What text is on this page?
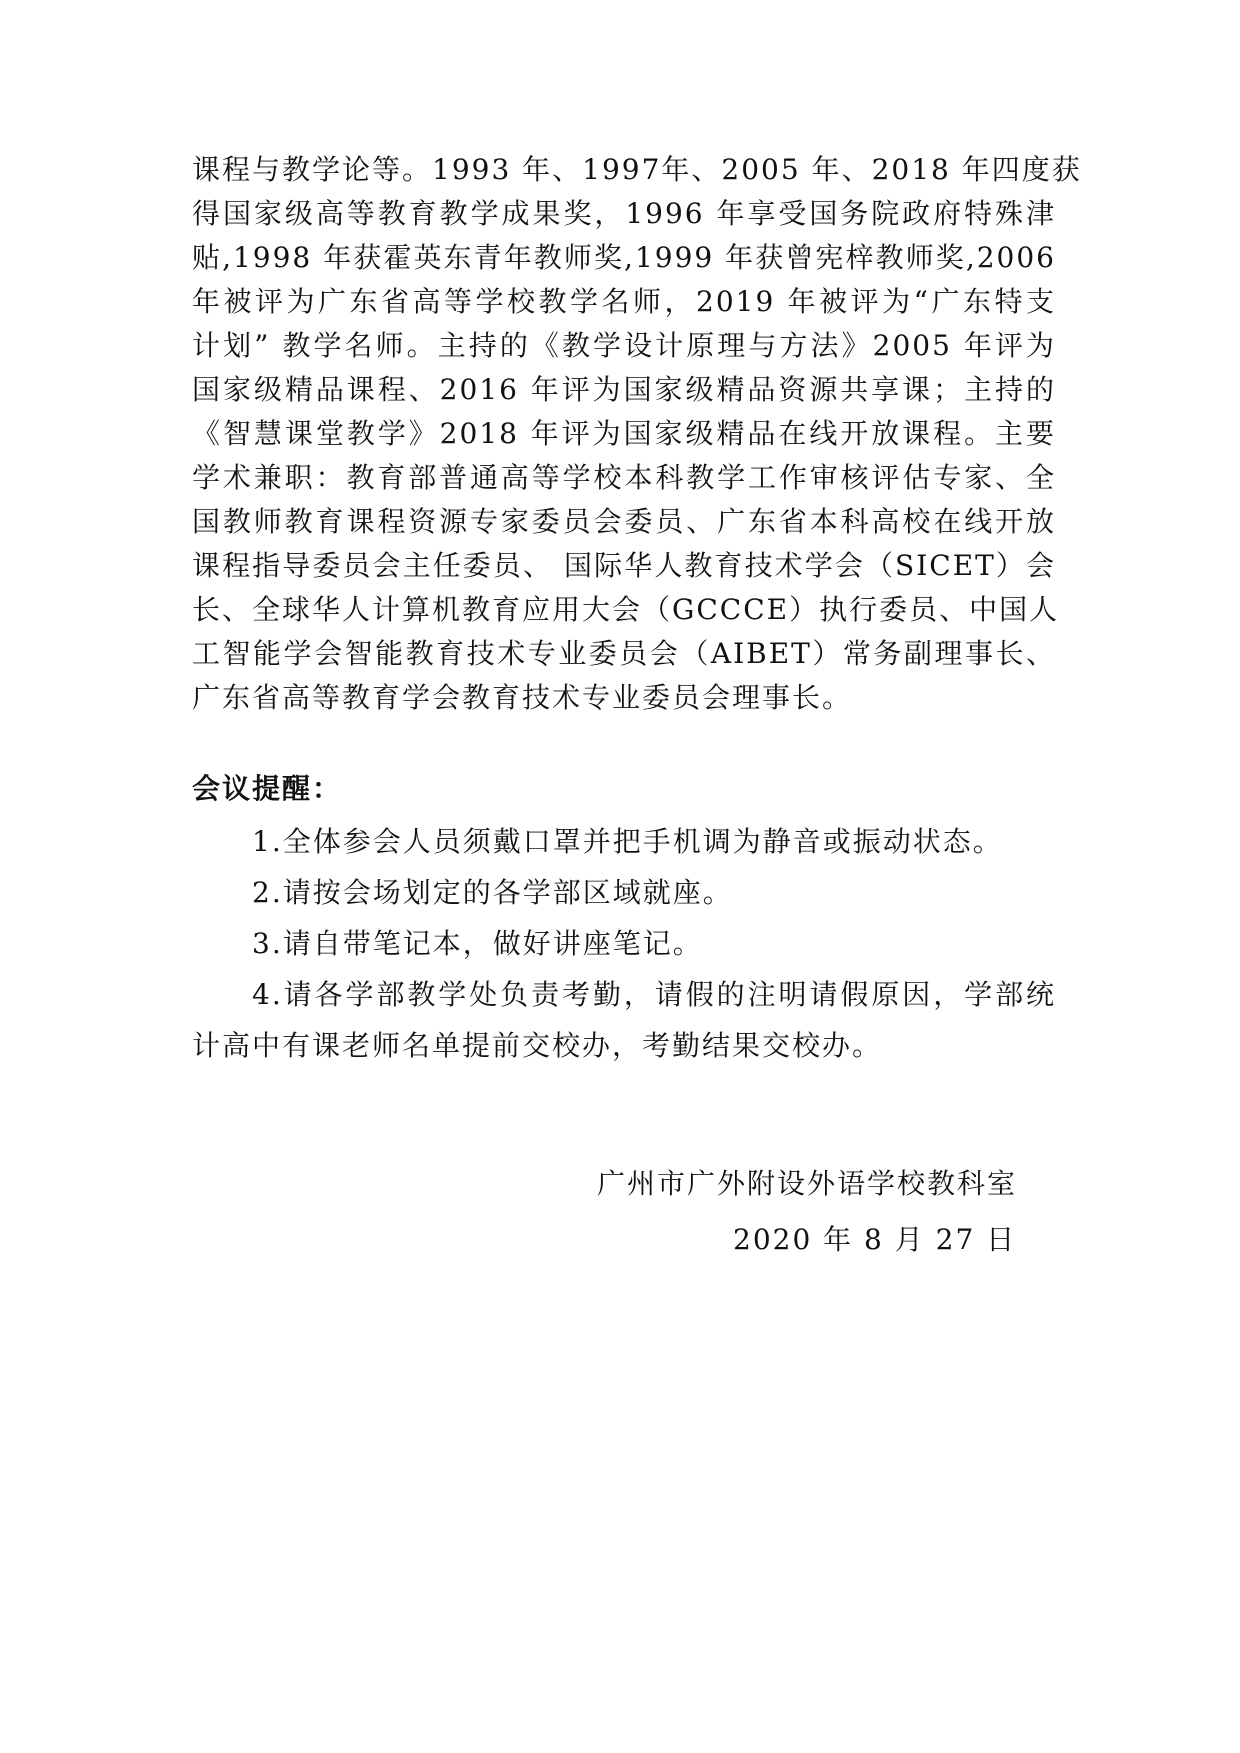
课程与教学论等。1993 年、1997年、2005 年、2018 年四度获
得国家级高等教育教学成果奖，1996 年享受国务院政府特殊津
贴,1998 年获霍英东青年教师奖,1999 年获曾宪梓教师奖,2006
年被评为广东省高等学校教学名师，2019 年被评为“广东特支
计划” 教学名师。主持的《教学设计原理与方法》2005 年评为
国家级精品课程、2016 年评为国家级精品资源共享课；主持的
《智慧课堂教学》2018 年评为国家级精品在线开放课程。主要
学术兼职：教育部普通高等学校本科教学工作审核评估专家、全
国教师教育课程资源专家委员会委员、广东省本科高校在线开放
课程指导委员会主任委员、 国际华人教育技术学会（SICET）会
长、全球华人计算机教育应用大会（GCCCE）执行委员、中国人
工智能学会智能教育技术专业委员会（AIBET）常务副理事长、
广东省高等教育学会教育技术专业委员会理事长。
会议提醒：
1.全体参会人员须戴口罩并把手机调为静音或振动状态。
2.请按会场划定的各学部区域就座。
3.请自带笔记本，做好讲座笔记。
4.请各学部教学处负责考勤，请假的注明请假原因，学部统
计高中有课老师名单提前交校办，考勤结果交校办。
广州市广外附设外语学校教科室
2020 年 8 月 27 日
